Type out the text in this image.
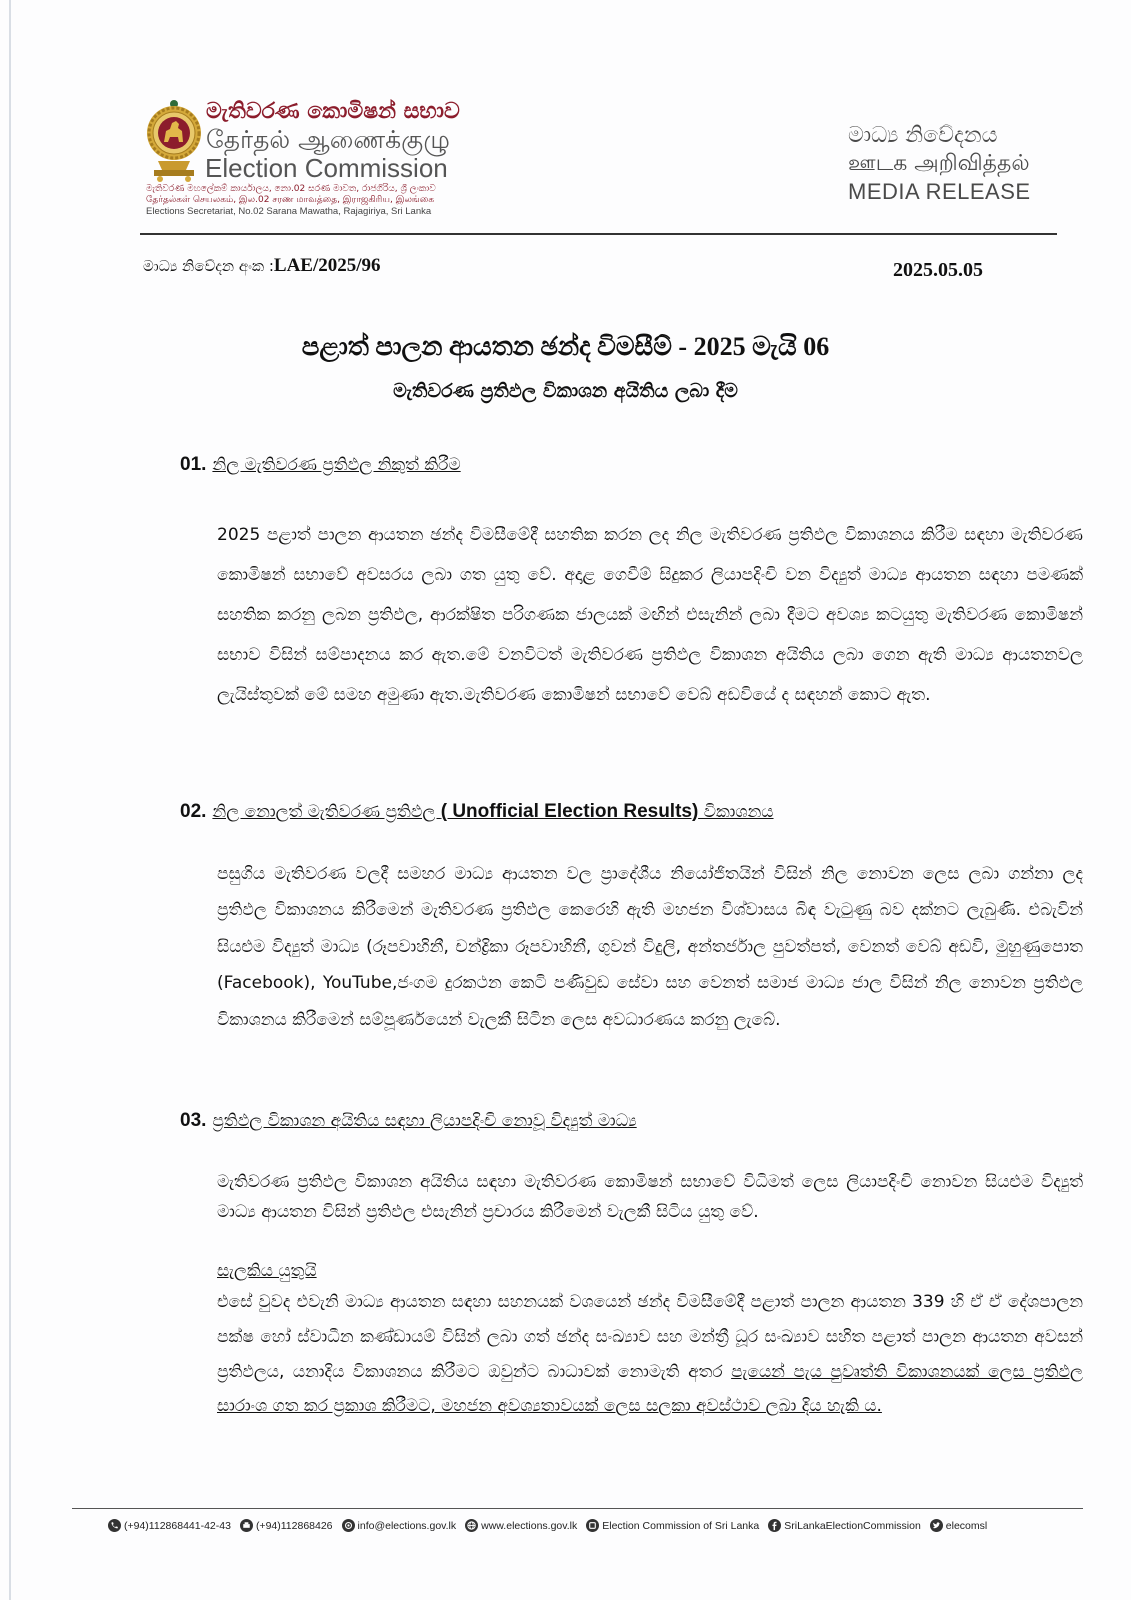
මැතිවරණ කොමිෂන් සභාව
தேர்தல் ஆணைக்குழு
Election Commission
මැතිවරණ මහලේකම් කාර්යාලය, නො.02 සරණ මාවත, රාජගිරිය, ශ්‍රී ලංකාව
தேர்தல்கள் செயலகம், இல.02 சரண மாவத்தை, இராஜகிரிய, இலங்கை
Elections Secretariat, No.02 Sarana Mawatha, Rajagiriya, Sri Lanka
මාධ්‍ය නිවේදනය
ஊடக அறிவித்தல்
MEDIA RELEASE
මාධ්‍ය නිවේදන අංක :LAE/2025/96	2025.05.05
පළාත් පාලන ආයතන ඡන්ද විමසීම් - 2025 මැයි 06
මැතිවරණ ප්‍රතිඵල විකාශන අයිතිය ලබා දීම
01. නිල මැතිවරණ ප්‍රතිඵල නිකුත් කිරීම
2025 පළාත් පාලන ආයතන ඡන්ද විමසීමේදී සහතික කරන ලද නිල මැතිවරණ ප්‍රතිඵල විකාශනය කිරීම සඳහා මැතිවරණ කොමිෂන් සභාවේ අවසරය ලබා ගත යුතු වේ. අදාළ ගෙවීම් සිදුකර ලියාපදිංචි වන විද්‍යුත් මාධ්‍ය ආයතන සඳහා පමණක් සහතික කරනු ලබන ප්‍රතිඵල, ආරක්ෂිත පරිගණක ජාලයක් මඟින් එසැනින් ලබා දීමට අවශ්‍ය කටයුතු මැතිවරණ කොමිෂන් සභාව විසින් සම්පාදනය කර ඇත.මේ වනවිටත් මැතිවරණ ප්‍රතිඵල විකාශන අයිතිය ලබා ගෙන ඇති මාධ්‍ය ආයතනවල ලැයිස්තුවක් මේ සමහ අමුණා ඇත.මැතිවරණ කොමිෂන් සභාවේ වෙබ් අඩවියේ ද සඳහන් කොට ඇත.
02. නිල නොලත් මැතිවරණ ප්‍රතිඵල ( Unofficial Election Results) විකාශනය
පසුගිය මැතිවරණ වලදී සමහර මාධ්‍ය ආයතන වල ප්‍රාදේශීය නියෝජිතයින් විසින් නිල නොවන ලෙස ලබා ගන්නා ලද ප්‍රතිඵල විකාශනය කිරීමෙන් මැතිවරණ ප්‍රතිඵල කෙරෙහි ඇති මහජන විශ්වාසය බිඳ වැටුණු බව දක්නට ලැබුණි. එබැවින් සියළුම විද්‍යුත් මාධ්‍ය (රූපවාහිනී, චන්ද්‍රිකා රූපවාහිනී, ගුවන් විදුලි, අන්තර්ජාල පුවත්පත්, වෙනත් වෙබ් අඩවි, මුහුණුපොත (Facebook), YouTube,ජංගම දුරකථන කෙටි පණිවුඩ සේවා සහ වෙනත් සමාජ මාධ්‍ය ජාල විසින් නිල නොවන ප්‍රතිඵල විකාශනය කිරීමෙන් සම්පූර්ණයෙන් වැලකී සිටින ලෙස අවධාරණය කරනු ලැබේ.
03. ප්‍රතිඵල විකාශන අයිතිය සඳහා ලියාපදිංචි නොවූ විද්‍යුත් මාධ්‍ය
මැතිවරණ ප්‍රතිඵල විකාශන අයිතිය සඳහා මැතිවරණ කොමිෂන් සභාවේ විධිමත් ලෙස ලියාපදිංචි නොවන සියළුම විද්‍යුත් මාධ්‍ය ආයතන විසින් ප්‍රතිඵල එසැනින් ප්‍රචාරය කිරීමෙන් වැලකී සිටිය යුතු වේ.
සැලකිය යුතුයි
එසේ වුවද එවැනි මාධ්‍ය ආයතන සඳහා සහනයක් වශයෙන් ඡන්ද විමසීමේදී පළාත් පාලන ආයතන 339 හි ඒ ඒ දේශපාලන පක්ෂ හෝ ස්වාධීන කණ්ඩායම් විසින් ලබා ගත් ඡන්ද සංඛ්‍යාව සහ මන්ත්‍රී ධූර සංඛ්‍යාව සහිත පළාත් පාලන ආයතන අවසන් ප්‍රතිඵලය, යනාදිය විකාශනය කිරීමට ඔවුන්ට බාධාවක් නොමැති අතර පැයෙන් පැය පුවෘත්ති විකාශනයක් ලෙස ප්‍රතිඵල සාරාංශ ගත කර ප්‍රකාශ කිරීමට, මහජන අවශ්‍යතාවයක් ලෙස සලකා අවස්ථාව ලබා දිය හැකි ය.
(+94)112868441-42-43 (+94)112868426 info@elections.gov.lk www.elections.gov.lk Election Commission of Sri Lanka SriLankaElectionCommission elecomsl
